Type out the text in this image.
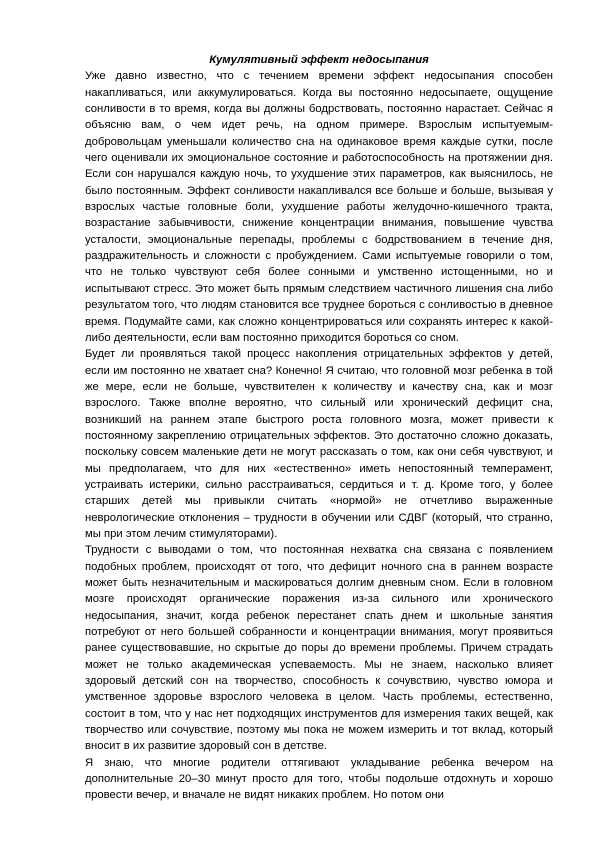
Кумулятивный эффект недосыпания

Уже давно известно, что с течением времени эффект недосыпания способен накапливаться, или аккумулироваться. Когда вы постоянно недосыпаете, ощущение сонливости в то время, когда вы должны бодрствовать, постоянно нарастает. Сейчас я объясню вам, о чем идет речь, на одном примере. Взрослым испытуемым-добровольцам уменьшали количество сна на одинаковое время каждые сутки, после чего оценивали их эмоциональное состояние и работоспособность на протяжении дня. Если сон нарушался каждую ночь, то ухудшение этих параметров, как выяснилось, не было постоянным. Эффект сонливости накапливался все больше и больше, вызывая у взрослых частые головные боли, ухудшение работы желудочно-кишечного тракта, возрастание забывчивости, снижение концентрации внимания, повышение чувства усталости, эмоциональные перепады, проблемы с бодрствованием в течение дня, раздражительность и сложности с пробуждением. Сами испытуемые говорили о том, что не только чувствуют себя более сонными и умственно истощенными, но и испытывают стресс. Это может быть прямым следствием частичного лишения сна либо результатом того, что людям становится все труднее бороться с сонливостью в дневное время. Подумайте сами, как сложно концентрироваться или сохранять интерес к какой-либо деятельности, если вам постоянно приходится бороться со сном.

Будет ли проявляться такой процесс накопления отрицательных эффектов у детей, если им постоянно не хватает сна? Конечно! Я считаю, что головной мозг ребенка в той же мере, если не больше, чувствителен к количеству и качеству сна, как и мозг взрослого. Также вполне вероятно, что сильный или хронический дефицит сна, возникший на раннем этапе быстрого роста головного мозга, может привести к постоянному закреплению отрицательных эффектов. Это достаточно сложно доказать, поскольку совсем маленькие дети не могут рассказать о том, как они себя чувствуют, и мы предполагаем, что для них «естественно» иметь непостоянный темперамент, устраивать истерики, сильно расстраиваться, сердиться и т. д. Кроме того, у более старших детей мы привыкли считать «нормой» не отчетливо выраженные неврологические отклонения – трудности в обучении или СДВГ (который, что странно, мы при этом лечим стимуляторами).

Трудности с выводами о том, что постоянная нехватка сна связана с появлением подобных проблем, происходят от того, что дефицит ночного сна в раннем возрасте может быть незначительным и маскироваться долгим дневным сном. Если в головном мозге происходят органические поражения из-за сильного или хронического недосыпания, значит, когда ребенок перестанет спать днем и школьные занятия потребуют от него большей собранности и концентрации внимания, могут проявиться ранее существовавшие, но скрытые до поры до времени проблемы. Причем страдать может не только академическая успеваемость. Мы не знаем, насколько влияет здоровый детский сон на творчество, способность к сочувствию, чувство юмора и умственное здоровье взрослого человека в целом. Часть проблемы, естественно, состоит в том, что у нас нет подходящих инструментов для измерения таких вещей, как творчество или сочувствие, поэтому мы пока не можем измерить и тот вклад, который вносит в их развитие здоровый сон в детстве.

Я знаю, что многие родители оттягивают укладывание ребенка вечером на дополнительные 20–30 минут просто для того, чтобы подольше отдохнуть и хорошо провести вечер, и вначале не видят никаких проблем. Но потом они
